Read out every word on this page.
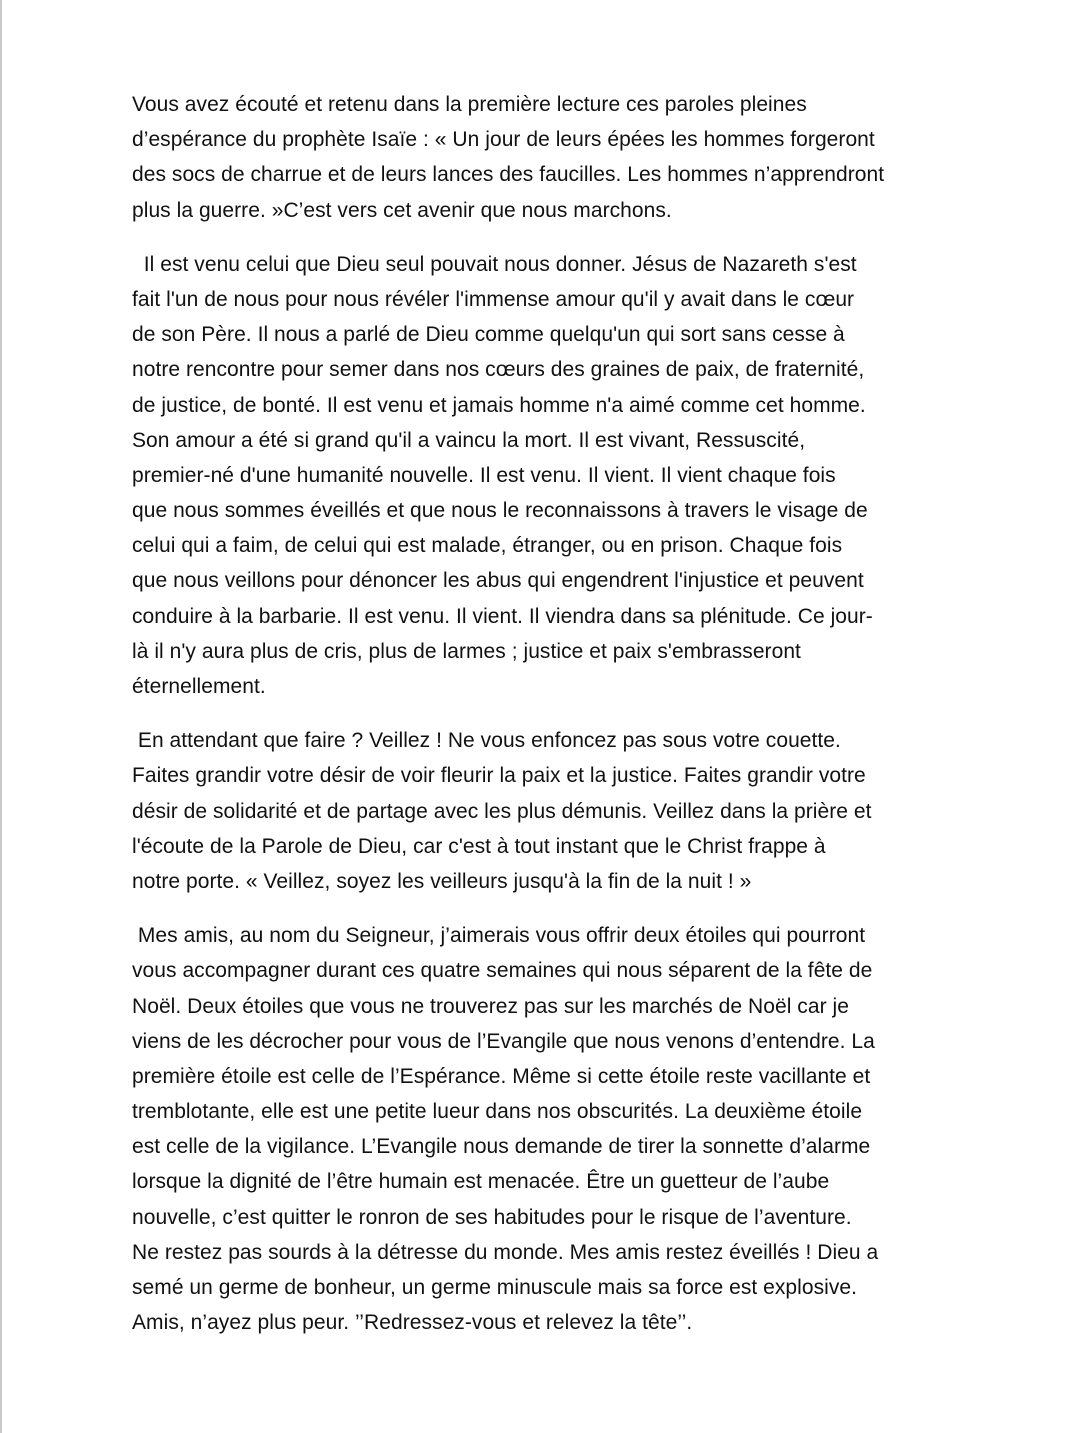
Vous avez écouté et retenu dans la première lecture ces paroles pleines
d’espérance du prophète Isaïe : « Un jour de leurs épées les hommes forgeront
des socs de charrue et de leurs lances des faucilles. Les hommes n’apprendront
plus la guerre. »C’est vers cet avenir que nous marchons.

Il est venu celui que Dieu seul pouvait nous donner. Jésus de Nazareth s'est
fait l'un de nous pour nous révéler l'immense amour qu'il y avait dans le cœur
de son Père. Il nous a parlé de Dieu comme quelqu'un qui sort sans cesse à
notre rencontre pour semer dans nos cœurs des graines de paix, de fraternité,
de justice, de bonté. Il est venu et jamais homme n'a aimé comme cet homme.
Son amour a été si grand qu'il a vaincu la mort. Il est vivant, Ressuscité,
premier-né d'une humanité nouvelle. Il est venu. Il vient. Il vient chaque fois
que nous sommes éveillés et que nous le reconnaissons à travers le visage de
celui qui a faim, de celui qui est malade, étranger, ou en prison. Chaque fois
que nous veillons pour dénoncer les abus qui engendrent l'injustice et peuvent
conduire à la barbarie. Il est venu. Il vient. Il viendra dans sa plénitude. Ce jour-
là il n'y aura plus de cris, plus de larmes ; justice et paix s'embrasseront
éternellement.

En attendant que faire ? Veillez ! Ne vous enfoncez pas sous votre couette.
Faites grandir votre désir de voir fleurir la paix et la justice. Faites grandir votre
désir de solidarité et de partage avec les plus démunis. Veillez dans la prière et
l'écoute de la Parole de Dieu, car c'est à tout instant que le Christ frappe à
notre porte. « Veillez, soyez les veilleurs jusqu'à la fin de la nuit ! »

Mes amis, au nom du Seigneur, j’aimerais vous offrir deux étoiles qui pourront
vous accompagner durant ces quatre semaines qui nous séparent de la fête de
Noël. Deux étoiles que vous ne trouverez pas sur les marchés de Noël car je
viens de les décrocher pour vous de l’Evangile que nous venons d’entendre. La
première étoile est celle de l’Espérance. Même si cette étoile reste vacillante et
tremblotante, elle est une petite lueur dans nos obscurités. La deuxième étoile
est celle de la vigilance. L’Evangile nous demande de tirer la sonnette d’alarme
lorsque la dignité de l’être humain est menacée. Être un guetteur de l’aube
nouvelle, c’est quitter le ronron de ses habitudes pour le risque de l’aventure.
Ne restez pas sourds à la détresse du monde. Mes amis restez éveillés ! Dieu a
semé un germe de bonheur, un germe minuscule mais sa force est explosive.
Amis, n’ayez plus peur. ’’Redressez-vous et relevez la tête’’.
